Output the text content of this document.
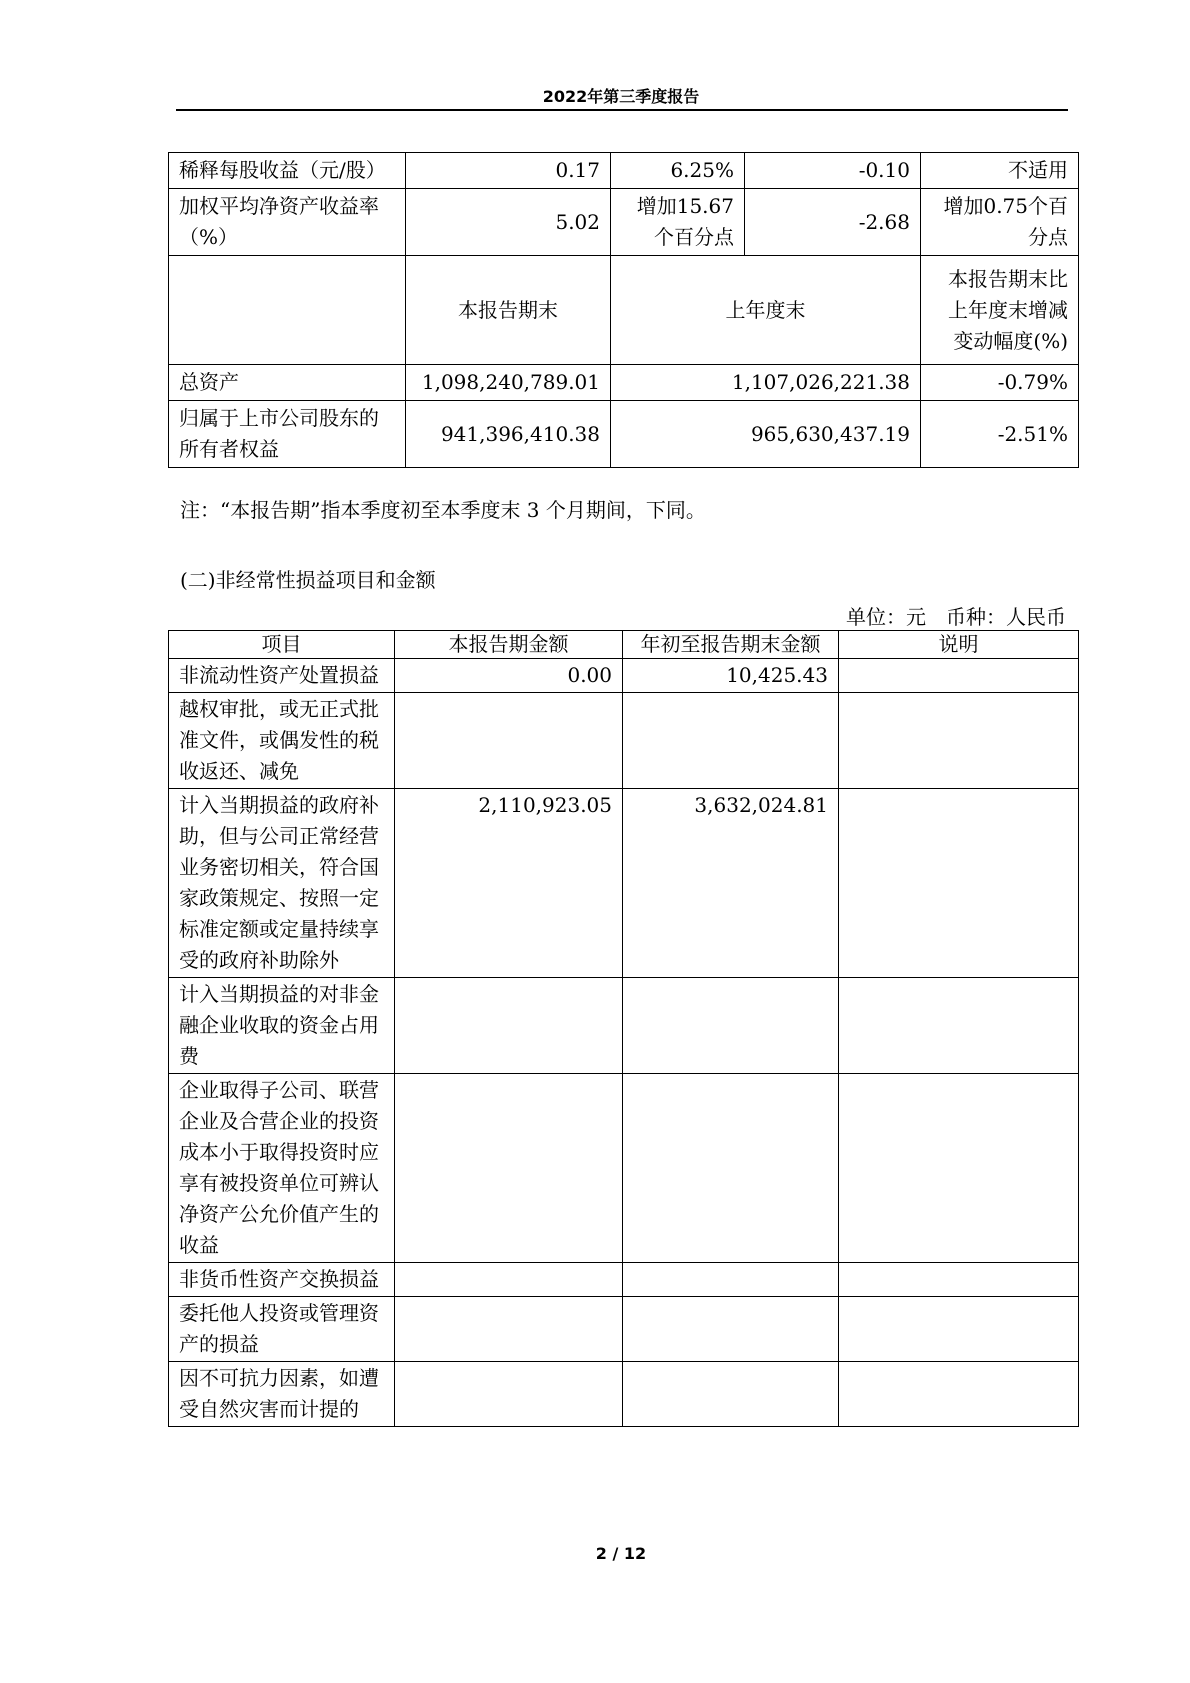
2022年第三季度报告
稀释每股收益（元/股）	0.17	6.25%	-0.10	不适用
加权平均净资产收益率（%）	5.02	增加15.67个百分点	-2.68	增加0.75个百分点
	本报告期末	上年度末		本报告期末比上年度末增减变动幅度(%)
总资产	1,098,240,789.01	1,107,026,221.38		-0.79%
归属于上市公司股东的所有者权益	941,396,410.38	965,630,437.19		-2.51%
注：“本报告期”指本季度初至本季度末 3 个月期间，下同。
(二)非经常性损益项目和金额
单位：元　币种：人民币
项目	本报告期金额	年初至报告期末金额	说明
非流动性资产处置损益	0.00	10,425.43	
越权审批，或无正式批准文件，或偶发性的税收返还、减免			
计入当期损益的政府补助，但与公司正常经营业务密切相关，符合国家政策规定、按照一定标准定额或定量持续享受的政府补助除外	2,110,923.05	3,632,024.81	
计入当期损益的对非金融企业收取的资金占用费			
企业取得子公司、联营企业及合营企业的投资成本小于取得投资时应享有被投资单位可辨认净资产公允价值产生的收益			
非货币性资产交换损益			
委托他人投资或管理资产的损益			
因不可抗力因素，如遭受自然灾害而计提的			
2 / 12
